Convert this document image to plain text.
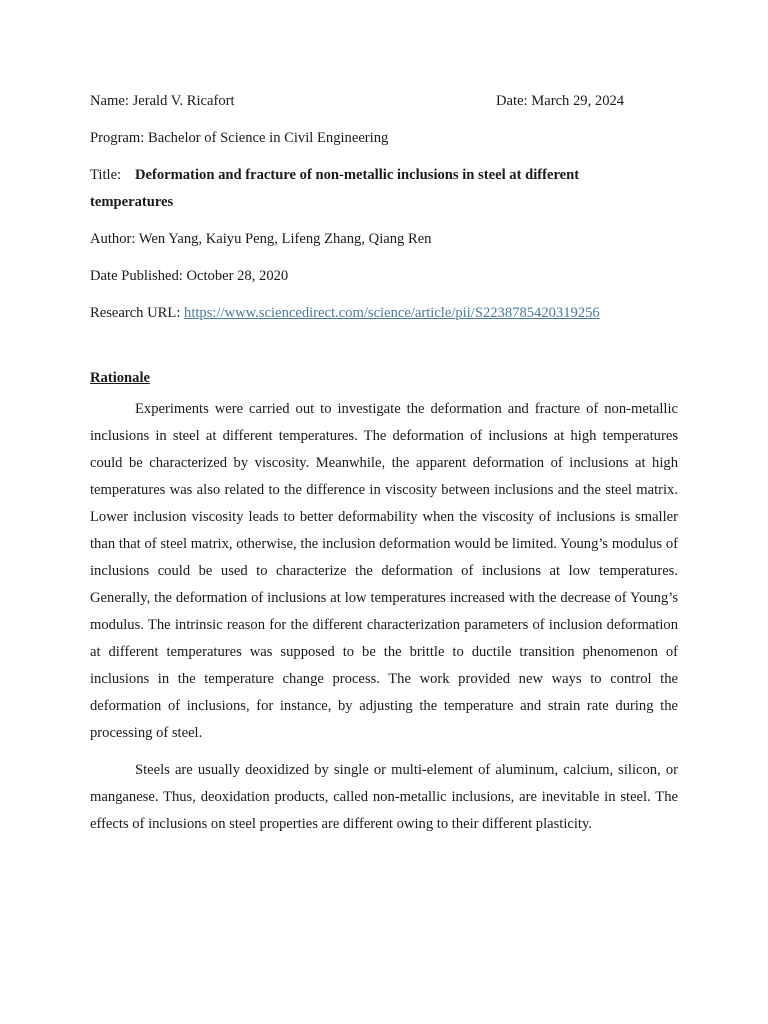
Name: Jerald V. Ricafort	Date: March 29, 2024
Program: Bachelor of Science in Civil Engineering
Title: Deformation and fracture of non-metallic inclusions in steel at different
temperatures
Author: Wen Yang, Kaiyu Peng, Lifeng Zhang, Qiang Ren
Date Published: October 28, 2020
Research URL: https://www.sciencedirect.com/science/article/pii/S2238785420319256
Rationale

Experiments were carried out to investigate the deformation and fracture of non-metallic inclusions in steel at different temperatures. The deformation of inclusions at high temperatures could be characterized by viscosity. Meanwhile, the apparent deformation of inclusions at high temperatures was also related to the difference in viscosity between inclusions and the steel matrix. Lower inclusion viscosity leads to better deformability when the viscosity of inclusions is smaller than that of steel matrix, otherwise, the inclusion deformation would be limited. Young’s modulus of inclusions could be used to characterize the deformation of inclusions at low temperatures. Generally, the deformation of inclusions at low temperatures increased with the decrease of Young’s modulus. The intrinsic reason for the different characterization parameters of inclusion deformation at different temperatures was supposed to be the brittle to ductile transition phenomenon of inclusions in the temperature change process. The work provided new ways to control the deformation of inclusions, for instance, by adjusting the temperature and strain rate during the processing of steel.

Steels are usually deoxidized by single or multi-element of aluminum, calcium, silicon, or manganese. Thus, deoxidation products, called non-metallic inclusions, are inevitable in steel. The effects of inclusions on steel properties are different owing to their different plasticity.
